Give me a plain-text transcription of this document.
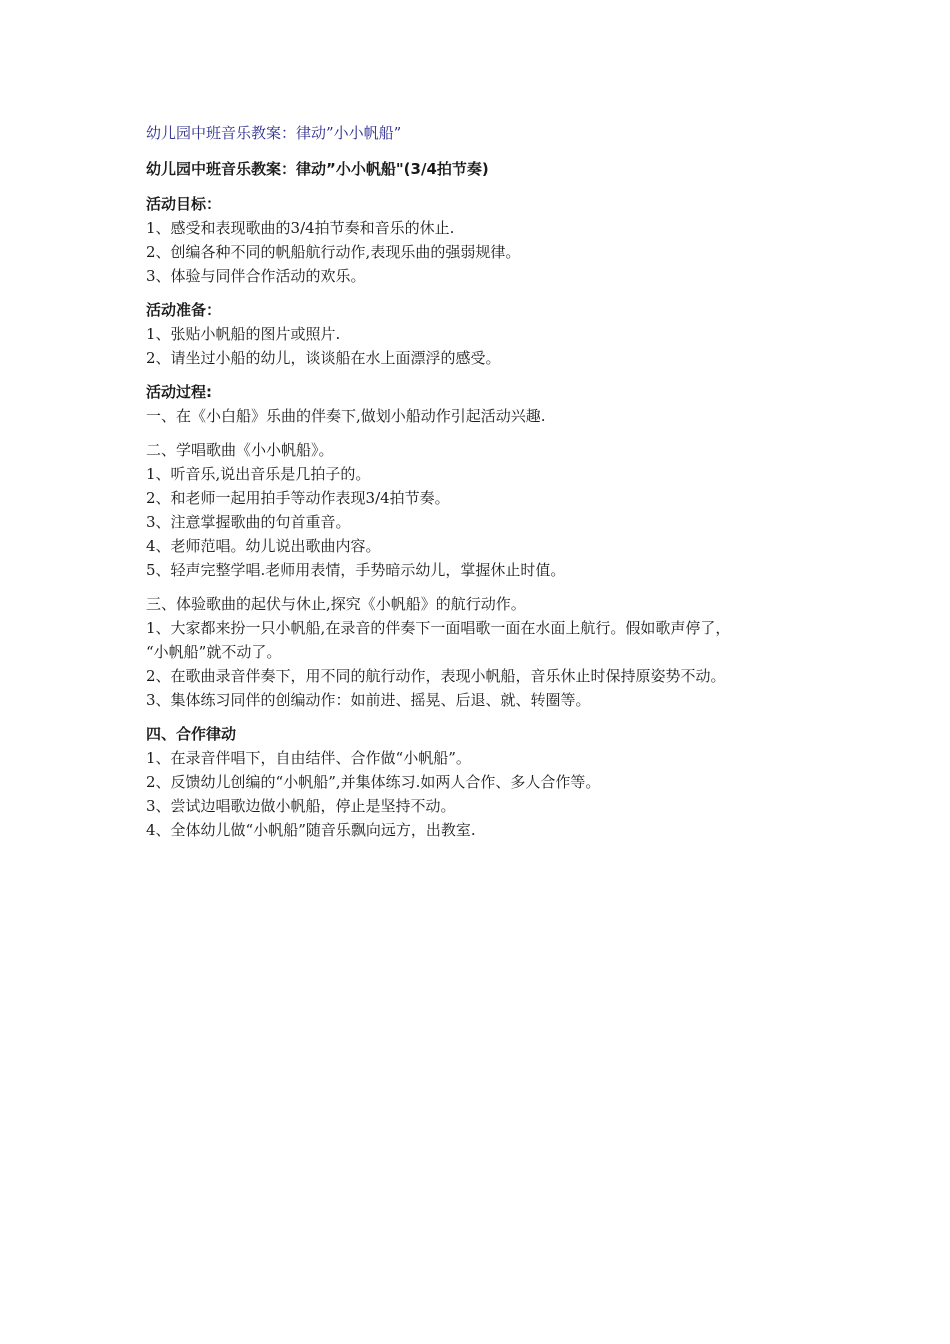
幼儿园中班音乐教案：律动”小小帆船”
幼儿园中班音乐教案：律动”小小帆船"(3/4拍节奏)
活动目标：
1、感受和表现歌曲的3/4拍节奏和音乐的休止.
2、创编各种不同的帆船航行动作,表现乐曲的强弱规律。
3、体验与同伴合作活动的欢乐。
活动准备：
1、张贴小帆船的图片或照片.
2、请坐过小船的幼儿，谈谈船在水上面漂浮的感受。
活动过程:
一、在《小白船》乐曲的伴奏下,做划小船动作引起活动兴趣.
二、学唱歌曲《小小帆船》。
1、听音乐,说出音乐是几拍子的。
2、和老师一起用拍手等动作表现3/4拍节奏。
3、注意掌握歌曲的句首重音。
4、老师范唱。幼儿说出歌曲内容。
5、轻声完整学唱.老师用表情，手势暗示幼儿，掌握休止时值。
三、体验歌曲的起伏与休止,探究《小帆船》的航行动作。
1、大家都来扮一只小帆船,在录音的伴奏下一面唱歌一面在水面上航行。假如歌声停了，
“小帆船”就不动了。
2、在歌曲录音伴奏下，用不同的航行动作，表现小帆船，音乐休止时保持原姿势不动。
3、集体练习同伴的创编动作：如前进、摇晃、后退、就、转圈等。
四、合作律动
1、在录音伴唱下，自由结伴、合作做“小帆船”。
2、反馈幼儿创编的“小帆船”,并集体练习.如两人合作、多人合作等。
3、尝试边唱歌边做小帆船，停止是坚持不动。
4、全体幼儿做“小帆船”随音乐飘向远方，出教室.
